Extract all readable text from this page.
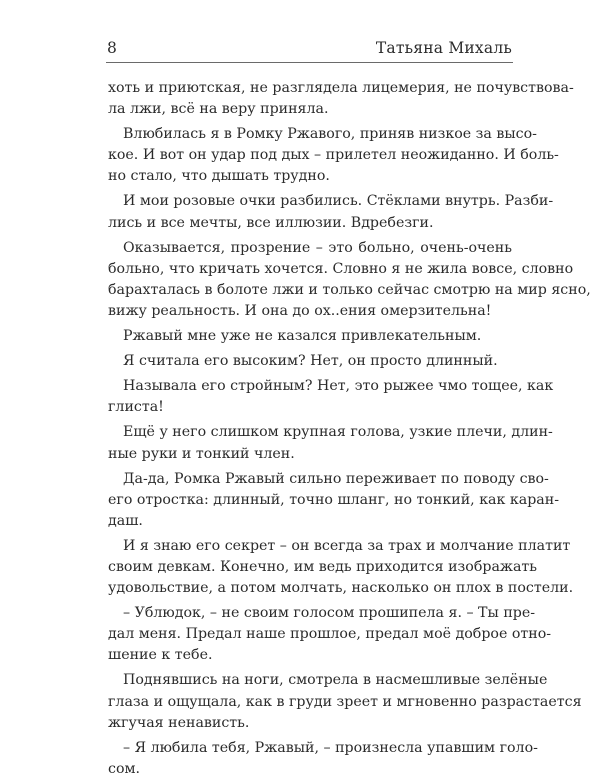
8	Татьяна Михаль
хоть и приютская, не разглядела лицемерия, не почувствова-
ла лжи, всё на веру приняла.
Влюбилась я в Ромку Ржавого, приняв низкое за высо-
кое. И вот он удар под дых – прилетел неожиданно. И боль-
но стало, что дышать трудно.
И мои розовые очки разбились. Стёклами внутрь. Разби-
лись и все мечты, все иллюзии. Вдребезги.
Оказывается, прозрение – это больно, очень-очень
больно, что кричать хочется. Словно я не жила вовсе, словно
барахталась в болоте лжи и только сейчас смотрю на мир ясно,
вижу реальность. И она до ох..ения омерзительна!
Ржавый мне уже не казался привлекательным.
Я считала его высоким? Нет, он просто длинный.
Называла его стройным? Нет, это рыжее чмо тощее, как
глиста!
Ещё у него слишком крупная голова, узкие плечи, длин-
ные руки и тонкий член.
Да-да, Ромка Ржавый сильно переживает по поводу сво-
его отростка: длинный, точно шланг, но тонкий, как каран-
даш.
И я знаю его секрет – он всегда за трах и молчание платит
своим девкам. Конечно, им ведь приходится изображать
удовольствие, а потом молчать, насколько он плох в постели.
– Ублюдок, – не своим голосом прошипела я. – Ты пре-
дал меня. Предал наше прошлое, предал моё доброе отно-
шение к тебе.
Поднявшись на ноги, смотрела в насмешливые зелёные
глаза и ощущала, как в груди зреет и мгновенно разрастается
жгучая ненависть.
– Я любила тебя, Ржавый, – произнесла упавшим голо-
сом.
